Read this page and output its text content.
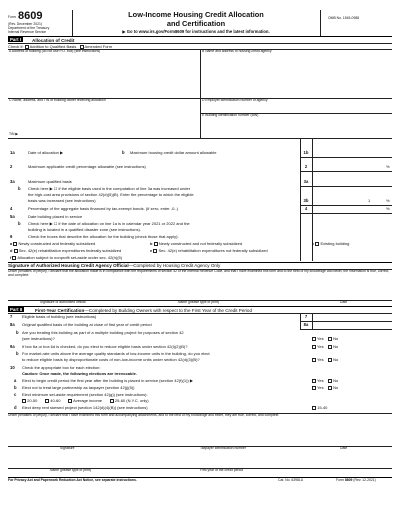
Form 8609
(Rev. December 2021)
Department of the Treasury
Internal Revenue Service
Low-Income Housing Credit Allocation
and Certification
▶ Go to www.irs.gov/Form8609 for instructions and the latest information.
OMB No. 1545-0988
Part I	Allocation of Credit
Check if: Addition to Qualified Basis Amended Form
A Address of building (do not use P.O. box) (see instructions)	B Name and address of housing credit agency
C Name, address, and TIN of building owner receiving allocation	D Employer identification number of agency
E Building identification number (BIN)
TIN ▶
1a	Date of allocation ▶	b Maximum housing credit dollar amount allowable	1b
2	Maximum applicable credit percentage allowable (see instructions)	2	%
3a	Maximum qualified basis	3a
b Check here ▶ ☐ if the eligible basis used in the computation of line 3a was increased under
the high-cost area provisions of section 42(d)(5)(B). Enter the percentage to which the eligible
basis was increased (see instructions)	3b	1	%
4	Percentage of the aggregate basis financed by tax-exempt bonds. (If zero, enter -0-.)	4	%
5a	Date building placed in service
b Check here ▶ ☐ if the date of allocation on line 1a is in calendar year 2021 or 2022 and the
building is located in a qualified disaster zone (see instructions).
6	Check the boxes that describe the allocation for the building (check those that apply):
a Newly constructed and federally subsidized	b Newly constructed and not federally subsidized	c Existing building
d Sec. 42(e) rehabilitation expenditures federally subsidized	e Sec. 42(e) rehabilitation expenditures not federally subsidized
f Allocation subject to nonprofit set-aside under sec. 42(h)(5)
Signature of Authorized Housing Credit Agency Official—Completed by Housing Credit Agency Only
Under penalties of perjury, I declare that the allocation made is in compliance with the requirements of section 42 of the Internal Revenue Code, and that I have examined this form and to the best of my knowledge and belief, the information is true, correct, and complete.
Signature of authorized official	Name (please type or print)	Date
Part II	First-Year Certification—Completed by Building Owners with respect to the First Year of the Credit Period
7 Eligible basis of building (see instructions)	7
8a Original qualified basis of the building at close of first year of credit period	8a
b Are you treating this building as part of a multiple building project for purposes of section 42
(see instructions)?	Yes No
9a If box 6a or box 6d is checked, do you elect to reduce eligible basis under section 42(i)(2)(B)?	Yes No
b For market-rate units above the average quality standards of low-income units in the building, do you elect
to reduce eligible basis by disproportionate costs of non-low-income units under section 42(d)(3)(B)?	Yes No
10 Check the appropriate box for each election:
Caution: Once made, the following elections are irrevocable.
a Elect to begin credit period the first year after the building is placed in service (section 42(f)(1)) ▶	Yes No
b Elect not to treat large partnership as taxpayer (section 42(j)(5))	Yes No
c Elect minimum set-aside requirement (section 42(g)) (see instructions):
20-50	40-60	Average income	25-60 (N.Y.C. only)
d Elect deep rent skewed project (section 142(d)(4)(B)) (see instructions)	15-40
Under penalties of perjury, I declare that I have examined this form and accompanying attachments, and to the best of my knowledge and belief, they are true, correct, and complete.
Signature	Taxpayer identification number	Date
Name (please type or print)	First year of the credit period
For Privacy Act and Paperwork Reduction Act Notice, see separate instructions.	Cat. No. 63981U	Form 8609 (Rev. 12-2021)
